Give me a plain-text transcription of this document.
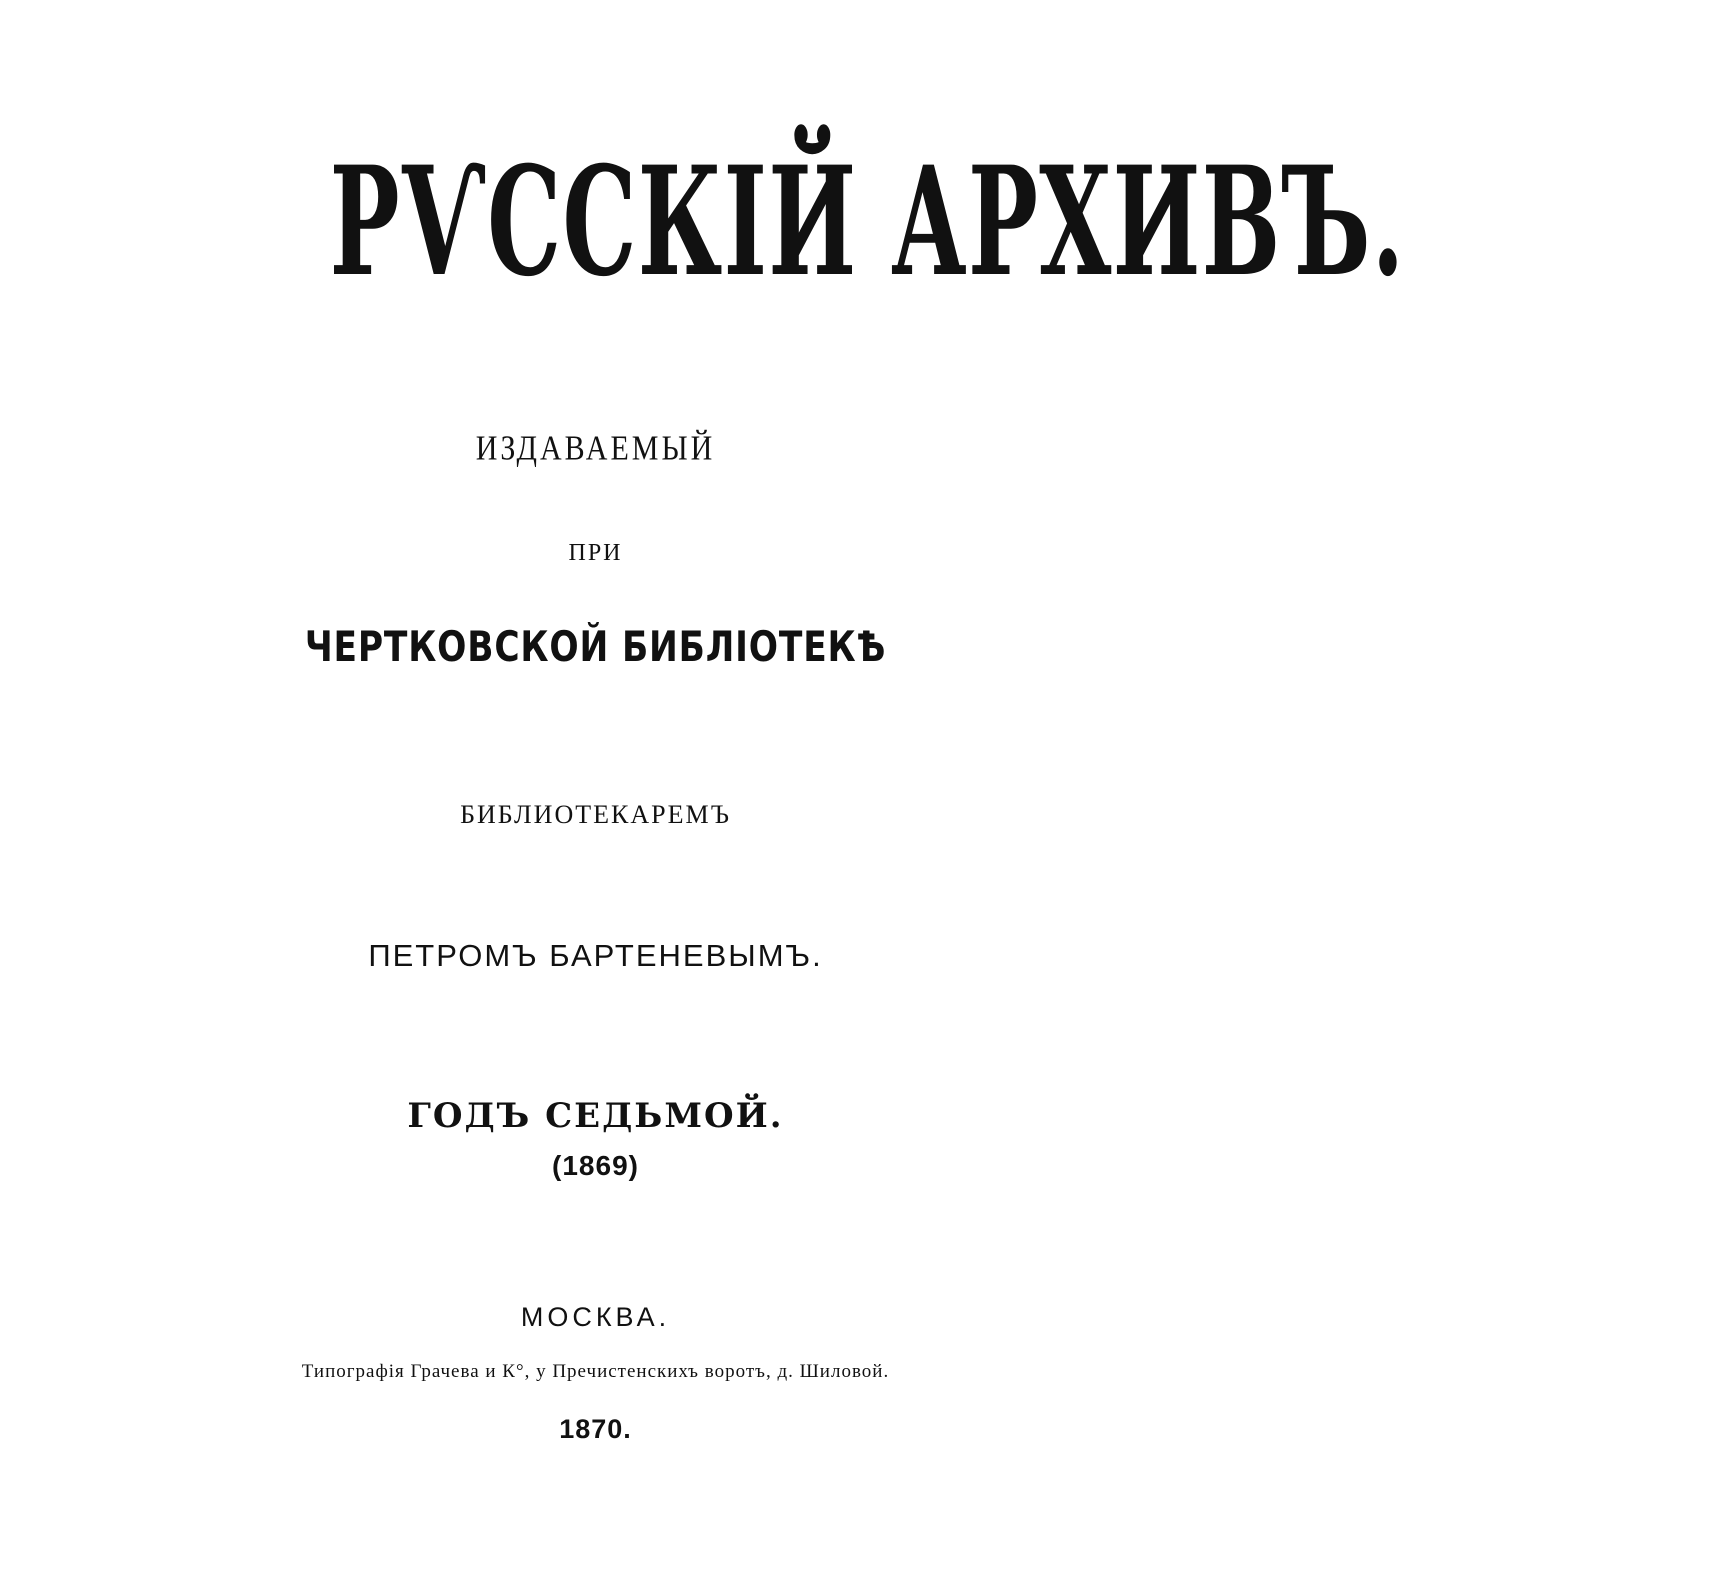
РѴССКІЙ АРХИВЪ.
ИЗДАВАЕМЫЙ
ПРИ
ЧЕРТКОВСКОЙ БИБЛІОТЕКѢ
БИБЛИОТЕКАРЕМЪ
ПЕТРОМЪ БАРТЕНЕВЫМЪ.
ГОДЪ СЕДЬМОЙ.
(1869)
МОСКВА.
Типографія Грачева и К°, у Пречистенскихъ воротъ, д. Шиловой.
1870.
